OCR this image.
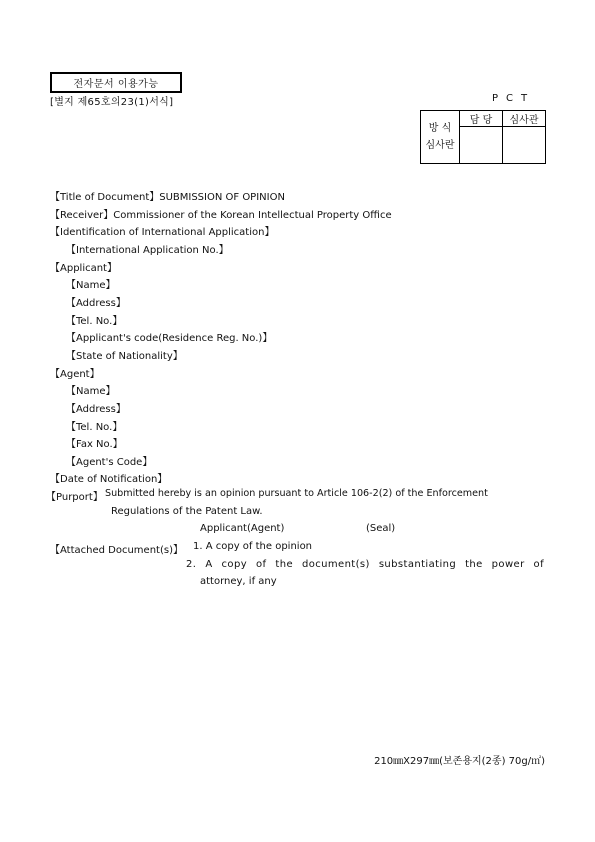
전자문서 이용가능
[별지 제65호의23(1)서식]	PCT
방 식
심사란	담 당	심사관

【Title of Document】SUBMISSION OF OPINION
【Receiver】Commissioner of the Korean Intellectual Property Office
【Identification of International Application】
【International Application No.】
【Applicant】
【Name】
【Address】
【Tel. No.】
【Applicant's code(Residence Reg. No.)】
【State of Nationality】
【Agent】
【Name】
【Address】
【Tel. No.】
【Fax No.】
【Agent's Code】
【Date of Notification】
【Purport】 Submitted hereby is an opinion pursuant to Article 106-2(2) of the Enforcement
Regulations of the Patent Law.
Applicant(Agent)	(Seal)
【Attached Document(s)】 1. A copy of the opinion
2. A copy of the document(s) substantiating the power of
attorney, if any
210㎜X297㎜(보존용지(2종) 70g/㎡)
